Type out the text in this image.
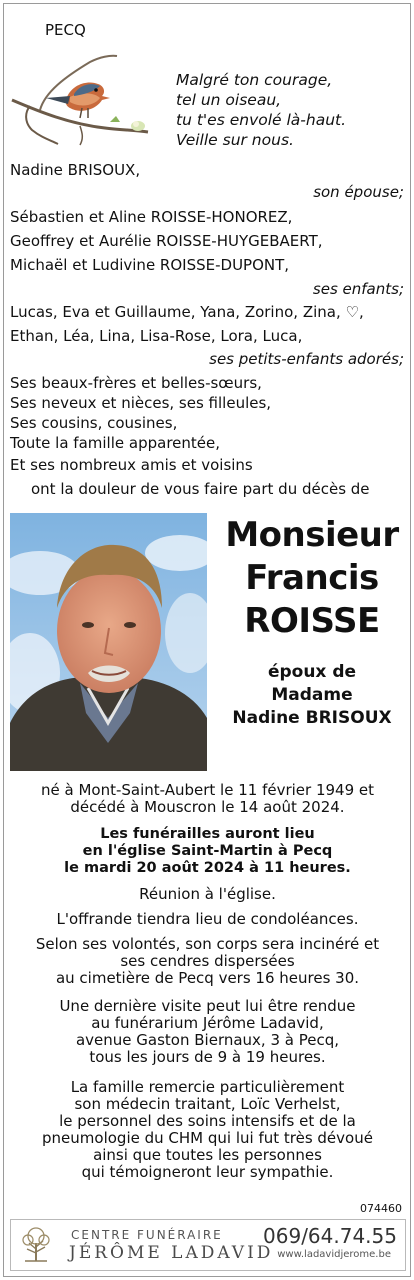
PECQ
Malgré ton courage,
tel un oiseau,
tu t'es envolé là-haut.
Veille sur nous.
Nadine BRISOUX,
son épouse;
Sébastien et Aline ROISSE-HONOREZ,
Geoffrey et Aurélie ROISSE-HUYGEBAERT,
Michaël et Ludivine ROISSE-DUPONT,
ses enfants;
Lucas, Eva et Guillaume, Yana, Zorino, Zina, ♡,
Ethan, Léa, Lina, Lisa-Rose, Lora, Luca,
ses petits-enfants adorés;
Ses beaux-frères et belles-sœurs,
Ses neveux et nièces, ses filleules,
Ses cousins, cousines,
Toute la famille apparentée,
Et ses nombreux amis et voisins
ont la douleur de vous faire part du décès de
Monsieur
Francis
ROISSE
époux de
Madame
Nadine BRISOUX
né à Mont-Saint-Aubert le 11 février 1949 et
décédé à Mouscron le 14 août 2024.
Les funérailles auront lieu
en l'église Saint-Martin à Pecq
le mardi 20 août 2024 à 11 heures.
Réunion à l'église.
L'offrande tiendra lieu de condoléances.
Selon ses volontés, son corps sera incinéré et
ses cendres dispersées
au cimetière de Pecq vers 16 heures 30.
Une dernière visite peut lui être rendue
au funérarium Jérôme Ladavid,
avenue Gaston Biernaux, 3 à Pecq,
tous les jours de 9 à 19 heures.
La famille remercie particulièrement
son médecin traitant, Loïc Verhelst,
le personnel des soins intensifs et de la
pneumologie du CHM qui lui fut très dévoué
ainsi que toutes les personnes
qui témoigneront leur sympathie.
074460
CENTRE FUNÉRAIRE
JÉRÔME LADAVID
069/64.74.55
www.ladavidjerome.be
